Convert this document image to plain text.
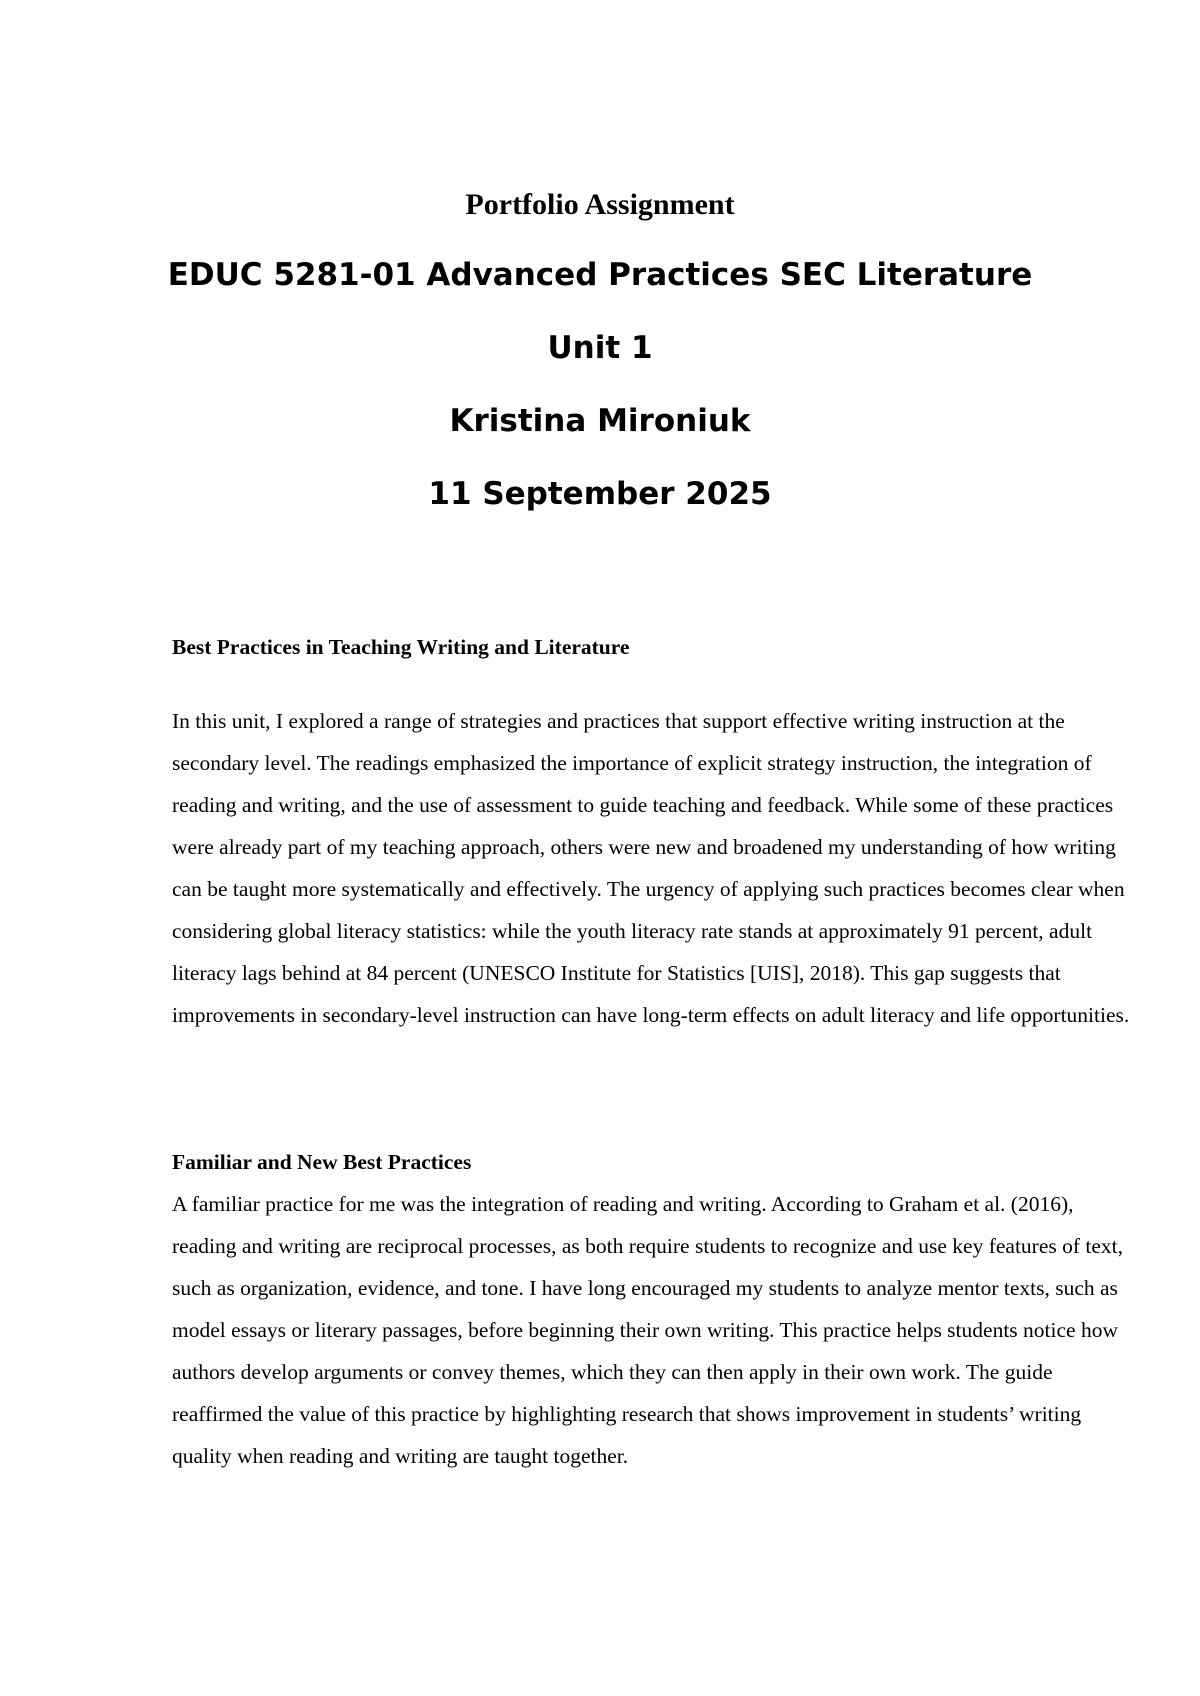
Portfolio Assignment
EDUC 5281-01 Advanced Practices SEC Literature
Unit 1
Kristina Mironiuk
11 September 2025
Best Practices in Teaching Writing and Literature

In this unit, I explored a range of strategies and practices that support effective writing instruction at the secondary level. The readings emphasized the importance of explicit strategy instruction, the integration of reading and writing, and the use of assessment to guide teaching and feedback. While some of these practices were already part of my teaching approach, others were new and broadened my understanding of how writing can be taught more systematically and effectively. The urgency of applying such practices becomes clear when considering global literacy statistics: while the youth literacy rate stands at approximately 91 percent, adult literacy lags behind at 84 percent (UNESCO Institute for Statistics [UIS], 2018). This gap suggests that improvements in secondary-level instruction can have long-term effects on adult literacy and life opportunities.

Familiar and New Best Practices

A familiar practice for me was the integration of reading and writing. According to Graham et al. (2016), reading and writing are reciprocal processes, as both require students to recognize and use key features of text, such as organization, evidence, and tone. I have long encouraged my students to analyze mentor texts, such as model essays or literary passages, before beginning their own writing. This practice helps students notice how authors develop arguments or convey themes, which they can then apply in their own work. The guide reaffirmed the value of this practice by highlighting research that shows improvement in students’ writing quality when reading and writing are taught together.
